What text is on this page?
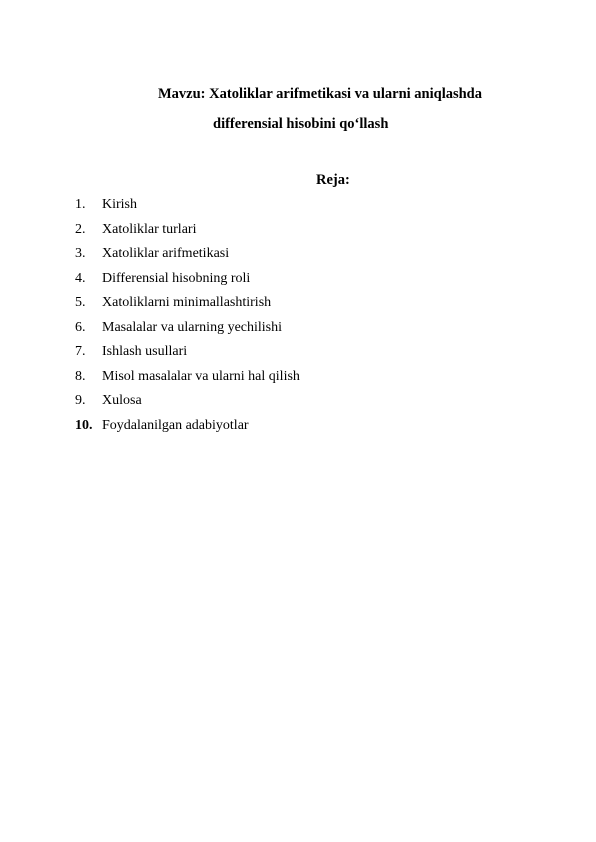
Mavzu: Xatoliklar arifmetikasi va ularni aniqlashda
differensial hisobini qo‘llash
Reja:
1.	Kirish
2.	Xatoliklar turlari
3.	Xatoliklar arifmetikasi
4.	Differensial hisobning roli
5.	Xatoliklarni minimallashtirish
6.	Masalalar va ularning yechilishi
7.	Ishlash usullari
8.	Misol masalalar va ularni hal qilish
9.	Xulosa
10. Foydalanilgan adabiyotlar
